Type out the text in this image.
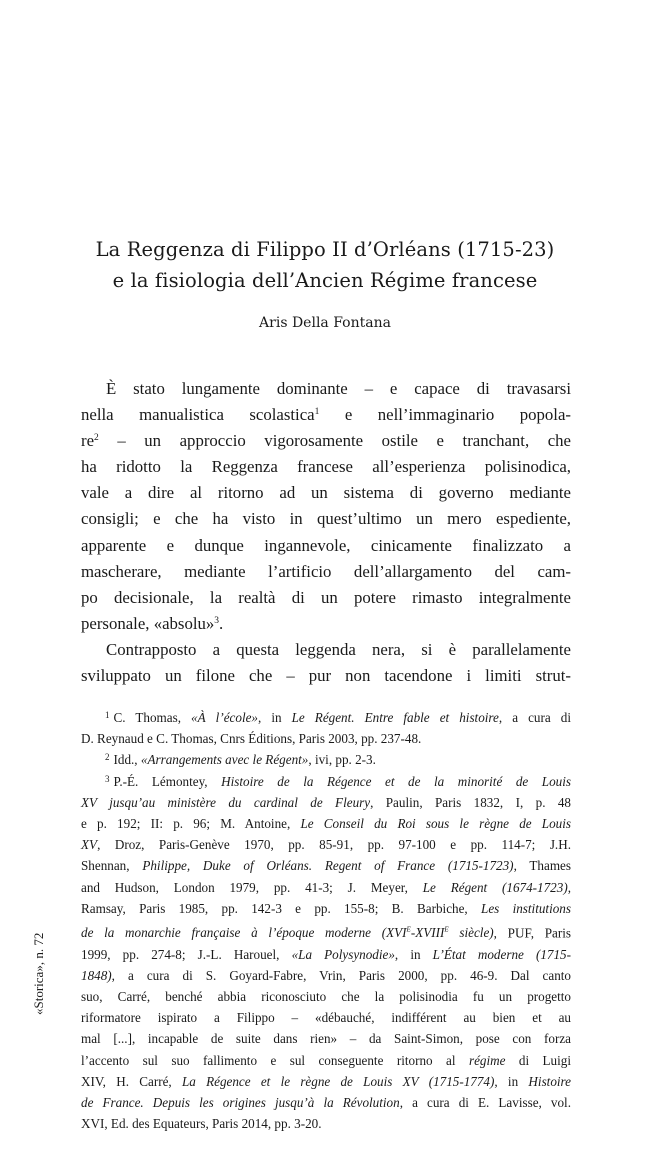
La Reggenza di Filippo II d’Orléans (1715-23)
e la fisiologia dell’Ancien Régime francese
Aris Della Fontana
È stato lungamente dominante – e capace di travasarsi
nella manualistica scolastica$^1$ e nell’immaginario popola-
re$^2$ – un approccio vigorosamente ostile e tranchant, che
ha ridotto la Reggenza francese all’esperienza polisinodica,
vale a dire al ritorno ad un sistema di governo mediante
consigli; e che ha visto in quest’ultimo un mero espediente,
apparente e dunque ingannevole, cinicamente finalizzato a
mascherare, mediante l’artificio dell’allargamento del cam-
po decisionale, la realtà di un potere rimasto integralmente
personale, «absolu»$^3$.
Contrapposto a questa leggenda nera, si è parallelamente
sviluppato un filone che – pur non tacendone i limiti strut-
$^1$ C. Thomas, «À l’école», in Le Régent. Entre fable et histoire, a cura di
D. Reynaud e C. Thomas, Cnrs Éditions, Paris 2003, pp. 237-48.
$^2$ Idd., «Arrangements avec le Régent», ivi, pp. 2-3.
$^3$ P.-É. Lémontey, Histoire de la Régence et de la minorité de Louis
XV jusqu’au ministère du cardinal de Fleury, Paulin, Paris 1832, I, p. 48
e p. 192; II: p. 96; M. Antoine, Le Conseil du Roi sous le règne de Louis
XV, Droz, Paris-Genève 1970, pp. 85-91, pp. 97-100 e pp. 114-7; J.H.
Shennan, Philippe, Duke of Orléans. Regent of France (1715-1723), Thames
and Hudson, London 1979, pp. 41-3; J. Meyer, Le Régent (1674-1723),
Ramsay, Paris 1985, pp. 142-3 e pp. 155-8; B. Barbiche, Les institutions
de la monarchie française à l’époque moderne (XVIe-XVIIIe siècle), PUF, Paris
1999, pp. 274-8; J.-L. Harouel, «La Polysynodie», in L’État moderne (1715-
1848), a cura di S. Goyard-Fabre, Vrin, Paris 2000, pp. 46-9. Dal canto
suo, Carré, benché abbia riconosciuto che la polisinodia fu un progetto
riformatore ispirato a Filippo – «débauché, indifférent au bien et au
mal [...], incapable de suite dans rien» – da Saint-Simon, pose con forza
l’accento sul suo fallimento e sul conseguente ritorno al régime di Luigi
XIV, H. Carré, La Régence et le règne de Louis XV (1715-1774), in Histoire
de France. Depuis les origines jusqu’à la Révolution, a cura di E. Lavisse, vol.
XVI, Ed. des Equateurs, Paris 2014, pp. 3-20.
«Storica», n. 72
